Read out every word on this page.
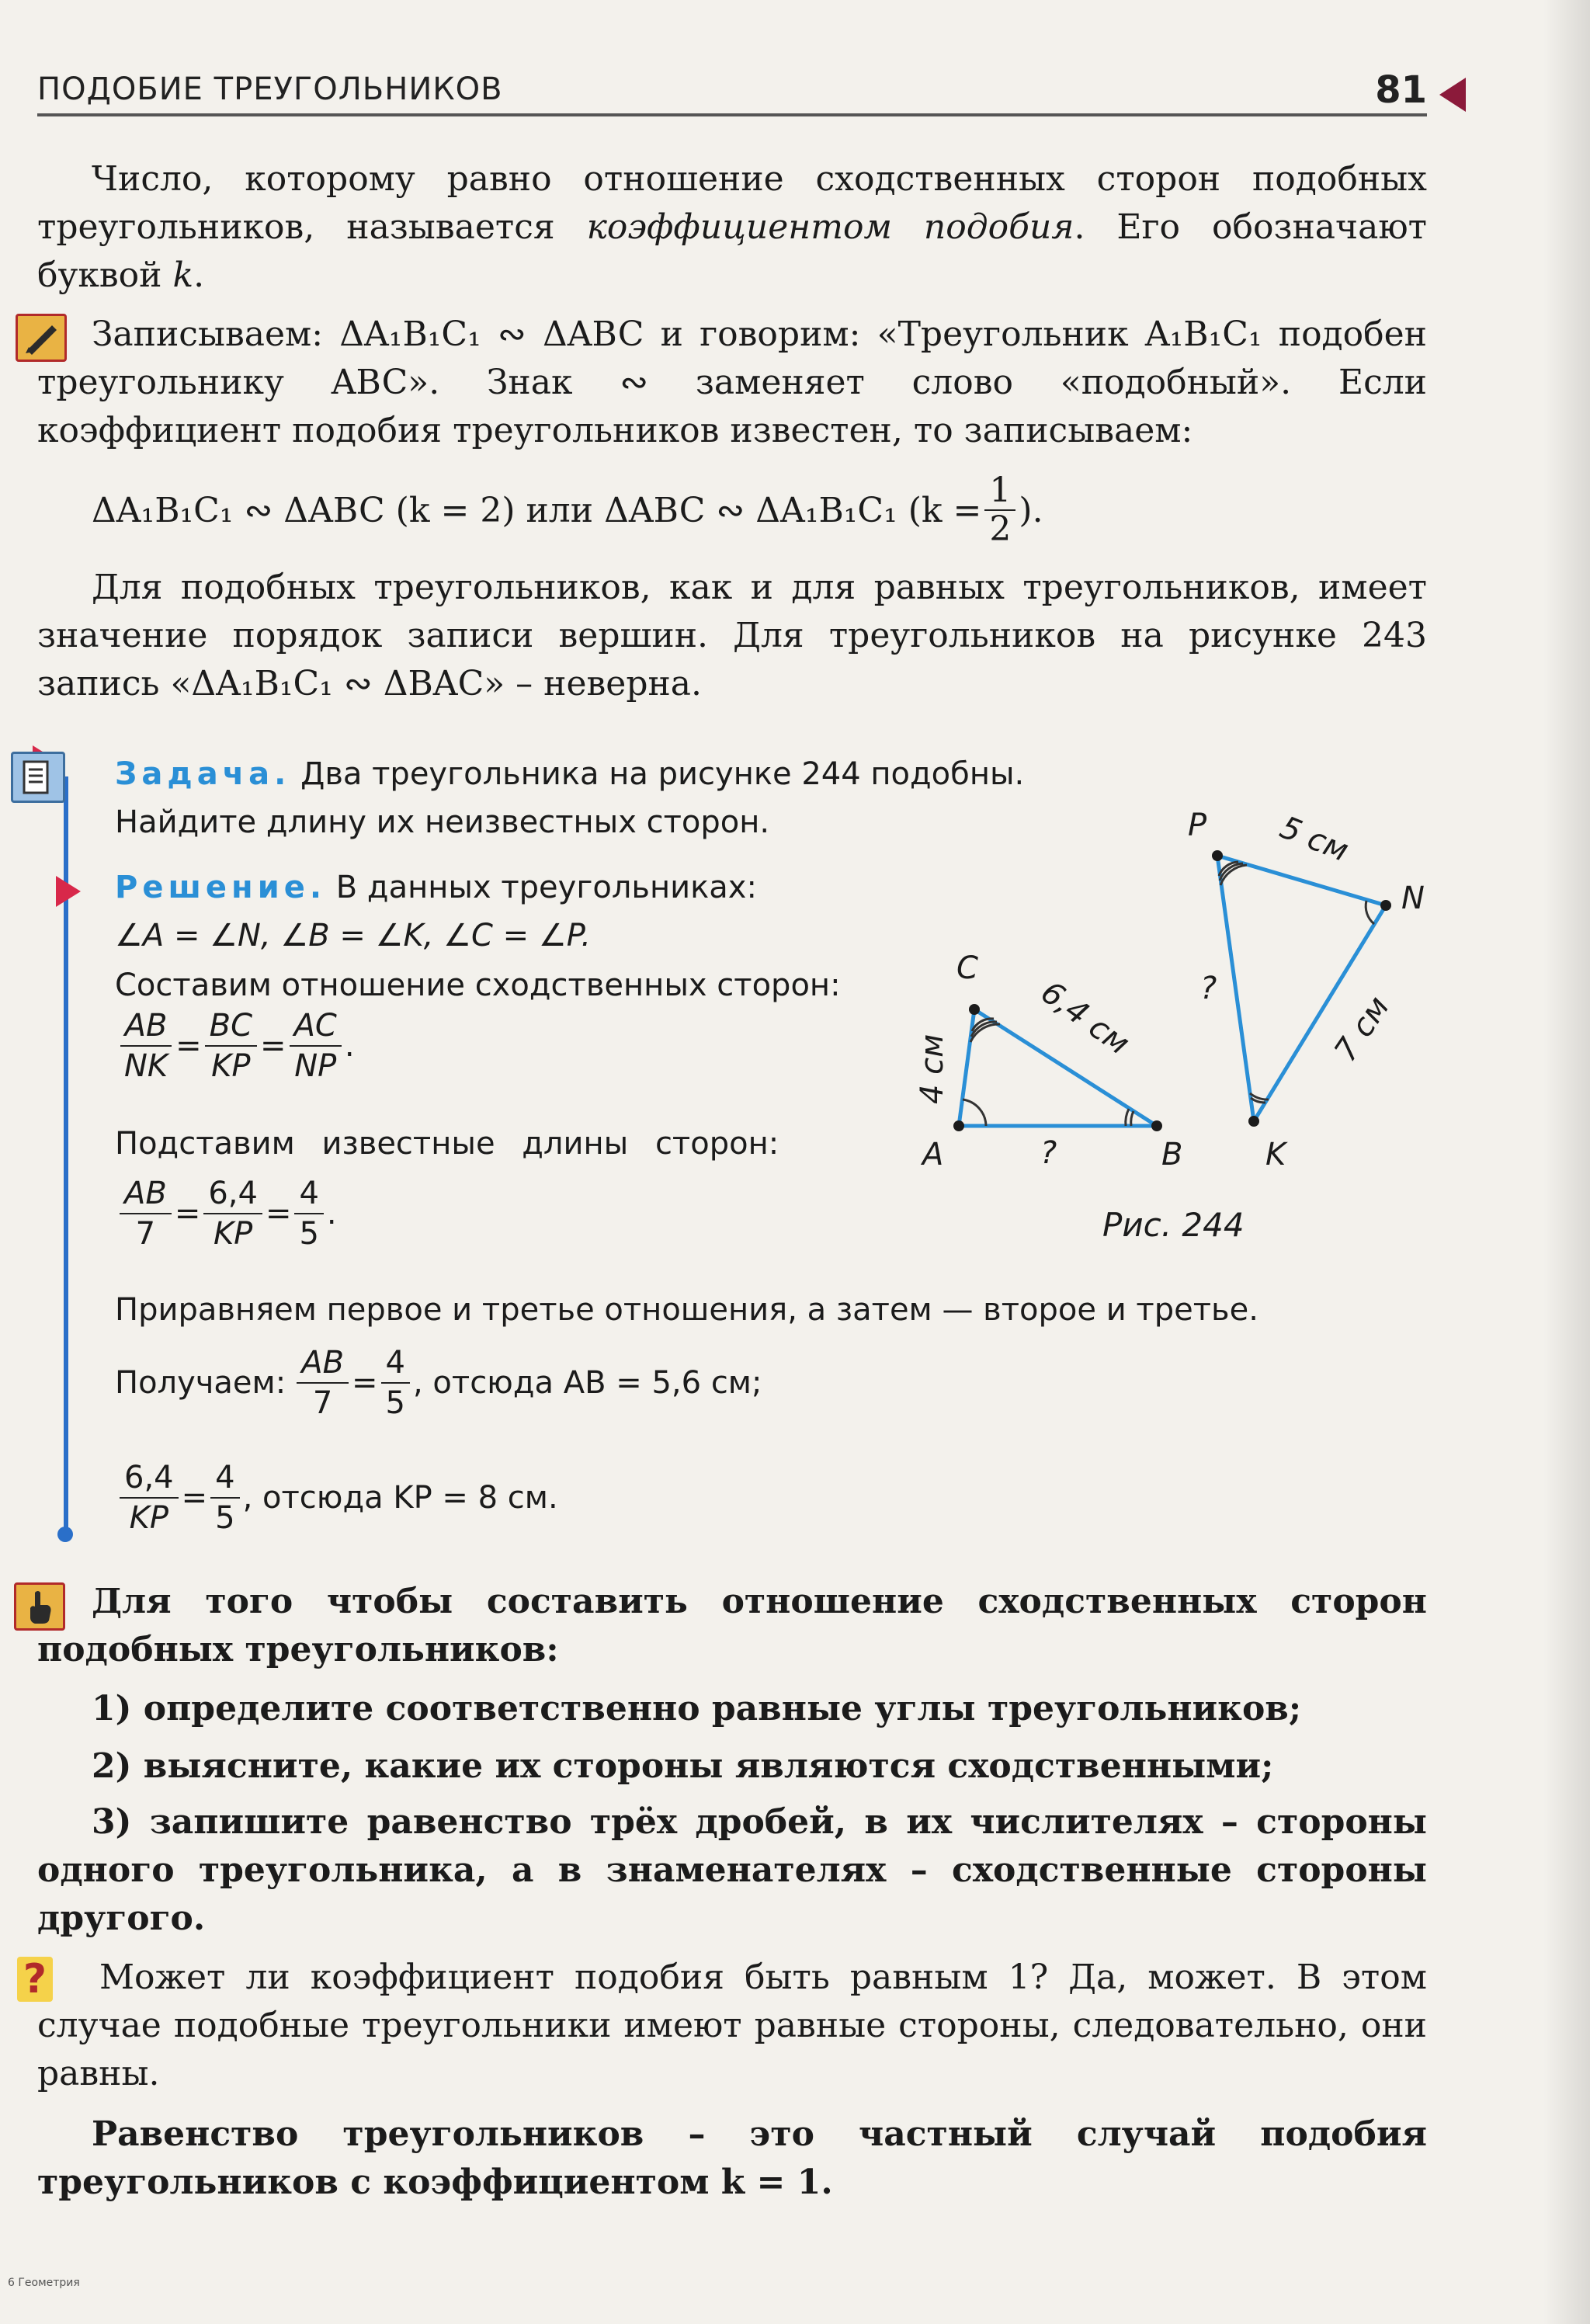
ПОДОБИЕ ТРЕУГОЛЬНИКОВ	81
Число, которому равно отношение сходственных сторон подобных треугольников, называется коэффициентом подобия. Его обозначают буквой k.
Записываем: ΔA₁B₁C₁ ∾ ΔABC и говорим: «Треугольник A₁B₁C₁ подобен треугольнику ABC». Знак ∾ заменяет слово «подобный». Если коэффициент подобия треугольников известен, то записываем:
ΔA₁B₁C₁ ∾ ΔABC (k = 2) или ΔABC ∾ ΔA₁B₁C₁ ($k = \frac{1}{2}$ ).
Для подобных треугольников, как и для равных треугольников, имеет значение порядок записи вершин. Для треугольников на рисунке 243 запись «ΔA₁B₁C₁ ∾ ΔBAC» – неверна.
Задача. Два треугольника на рисунке 244 подобны.
Найдите длину их неизвестных сторон.
Решение. В данных треугольниках:
∠A = ∠N, ∠B = ∠K, ∠C = ∠P.
Составим отношение сходственных сторон:
$\frac{AB}{NK} = \frac{BC}{KP} = \frac{AC}{NP}$ .
Подставим известные длины сторон:
$\frac{AB}{7} = \frac{6,4}{KP} = \frac{4}{5}$ .
Приравняем первое и третье отношения, а затем — второе и третье.
Получаем: $\frac{AB}{7} = \frac{4}{5}$ , отсюда AB = 5,6 см;
$\frac{6,4}{KP} = \frac{4}{5}$ , отсюда KP = 8 см.
A	B
C
P
N
K
?
?
4 см
6,4 см
5 см
7 см
Рис. 244
Для того чтобы составить отношение сходственных сторон подобных треугольников:
1) определите соответственно равные углы треугольников;
2) выясните, какие их стороны являются сходственными;
3) запишите равенство трёх дробей, в их числителях – стороны одного треугольника, а в знаменателях – сходственные стороны другого.
?	Может ли коэффициент подобия быть равным 1? Да, может. В этом случае подобные треугольники имеют равные стороны, следовательно, они равны.
Равенство треугольников – это частный случай подобия треугольников с коэффициентом k = 1.
6 Геометрия
